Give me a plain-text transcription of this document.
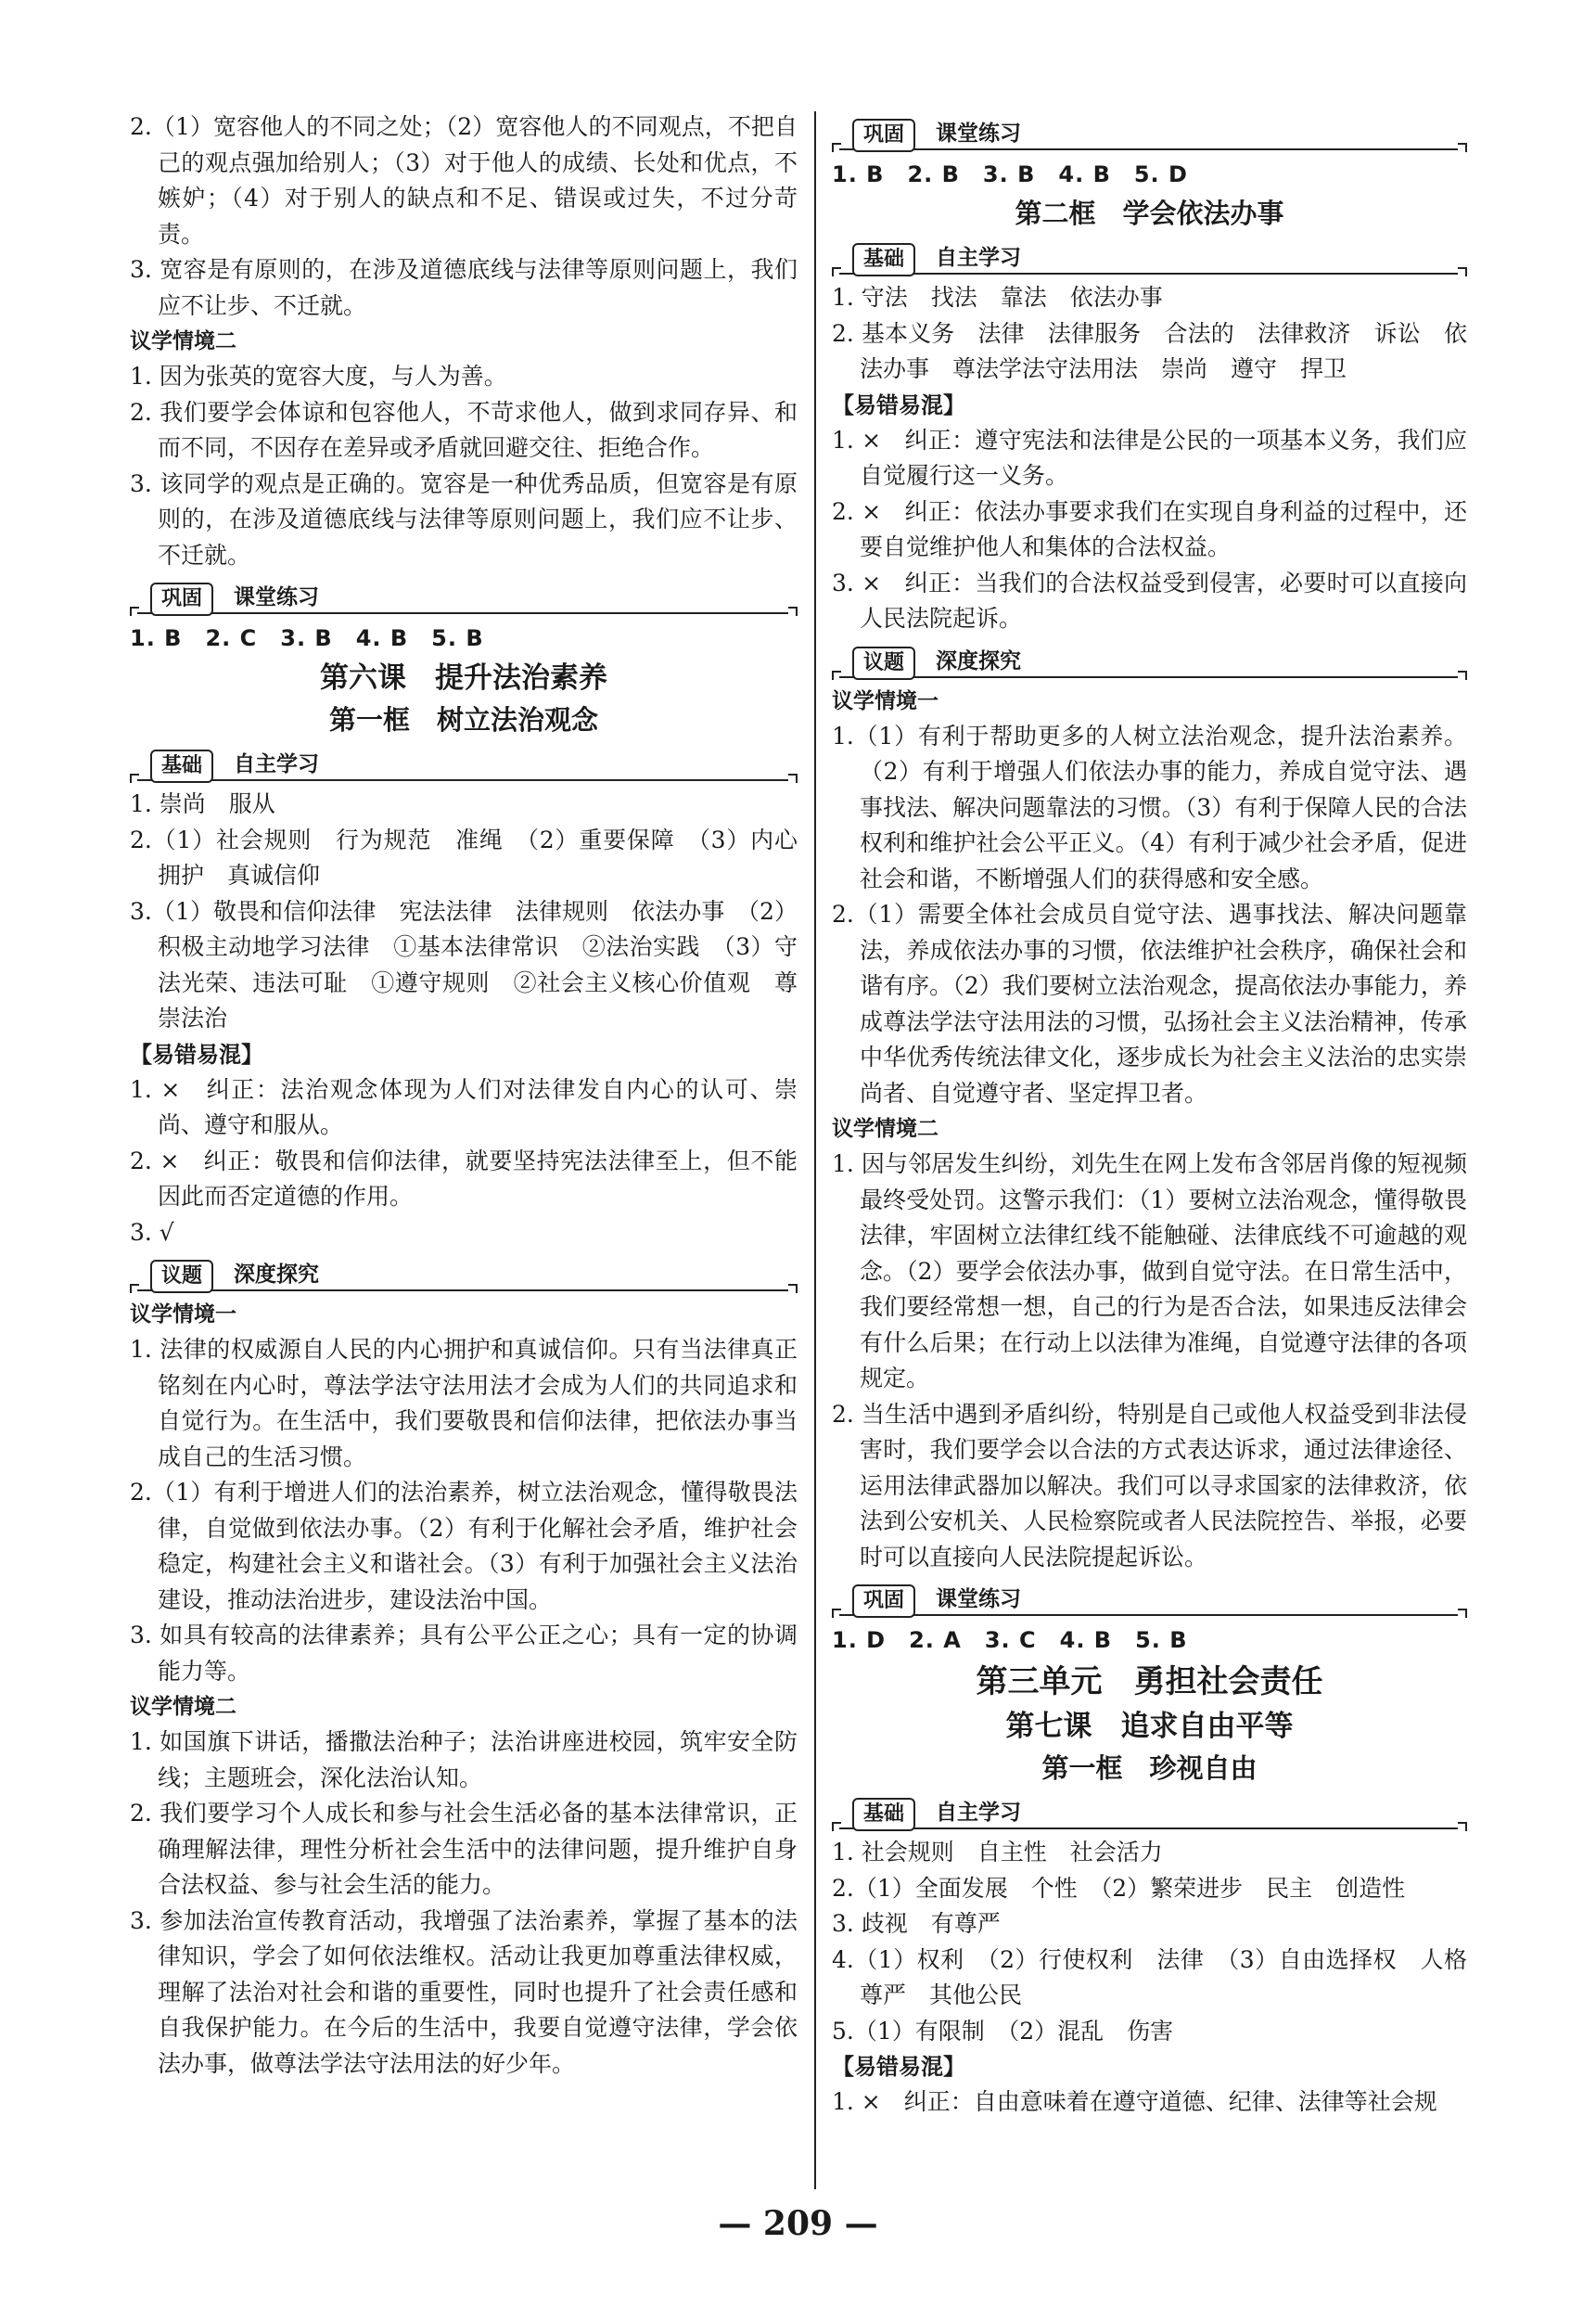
2.（1）宽容他人的不同之处；（2）宽容他人的不同观点，不把自己的观点强加给别人；（3）对于他人的成绩、长处和优点，不嫉妒；（4）对于别人的缺点和不足、错误或过失，不过分苛责。

3. 宽容是有原则的，在涉及道德底线与法律等原则问题上，我们应不让步、不迁就。

议学情境二

1. 因为张英的宽容大度，与人为善。

2. 我们要学会体谅和包容他人，不苛求他人，做到求同存异、和而不同，不因存在差异或矛盾就回避交往、拒绝合作。

3. 该同学的观点是正确的。宽容是一种优秀品质，但宽容是有原则的，在涉及道德底线与法律等原则问题上，我们应不让步、不迁就。

巩固	课堂练习

1. B　2. C　3. B　4. B　5. B

第六课　提升法治素养

第一框　树立法治观念

基础	自主学习

1. 崇尚　服从

2.（1）社会规则　行为规范　准绳　（2）重要保障　（3）内心拥护　真诚信仰

3.（1）敬畏和信仰法律　宪法法律　法律规则　依法办事　（2）积极主动地学习法律　①基本法律常识　②法治实践　（3）守法光荣、违法可耻　①遵守规则　②社会主义核心价值观　尊崇法治

【易错易混】

1. ×　纠正：法治观念体现为人们对法律发自内心的认可、崇尚、遵守和服从。

2. ×　纠正：敬畏和信仰法律，就要坚持宪法法律至上，但不能因此而否定道德的作用。

3. √

议题	深度探究

议学情境一

1. 法律的权威源自人民的内心拥护和真诚信仰。只有当法律真正铭刻在内心时，尊法学法守法用法才会成为人们的共同追求和自觉行为。在生活中，我们要敬畏和信仰法律，把依法办事当成自己的生活习惯。

2.（1）有利于增进人们的法治素养，树立法治观念，懂得敬畏法律，自觉做到依法办事。（2）有利于化解社会矛盾，维护社会稳定，构建社会主义和谐社会。（3）有利于加强社会主义法治建设，推动法治进步，建设法治中国。

3. 如具有较高的法律素养；具有公平公正之心；具有一定的协调能力等。

议学情境二

1. 如国旗下讲话，播撒法治种子；法治讲座进校园，筑牢安全防线；主题班会，深化法治认知。

2. 我们要学习个人成长和参与社会生活必备的基本法律常识，正确理解法律，理性分析社会生活中的法律问题，提升维护自身合法权益、参与社会生活的能力。

3. 参加法治宣传教育活动，我增强了法治素养，掌握了基本的法律知识，学会了如何依法维权。活动让我更加尊重法律权威，理解了法治对社会和谐的重要性，同时也提升了社会责任感和自我保护能力。在今后的生活中，我要自觉遵守法律，学会依法办事，做尊法学法守法用法的好少年。

巩固	课堂练习

1. B　2. B　3. B　4. B　5. D

第二框　学会依法办事

基础	自主学习

1. 守法　找法　靠法　依法办事

2. 基本义务　法律　法律服务　合法的　法律救济　诉讼　依法办事　尊法学法守法用法　崇尚　遵守　捍卫

【易错易混】

1. ×　纠正：遵守宪法和法律是公民的一项基本义务，我们应自觉履行这一义务。

2. ×　纠正：依法办事要求我们在实现自身利益的过程中，还要自觉维护他人和集体的合法权益。

3. ×　纠正：当我们的合法权益受到侵害，必要时可以直接向人民法院起诉。

议题	深度探究

议学情境一

1.（1）有利于帮助更多的人树立法治观念，提升法治素养。（2）有利于增强人们依法办事的能力，养成自觉守法、遇事找法、解决问题靠法的习惯。（3）有利于保障人民的合法权利和维护社会公平正义。（4）有利于减少社会矛盾，促进社会和谐，不断增强人们的获得感和安全感。

2.（1）需要全体社会成员自觉守法、遇事找法、解决问题靠法，养成依法办事的习惯，依法维护社会秩序，确保社会和谐有序。（2）我们要树立法治观念，提高依法办事能力，养成尊法学法守法用法的习惯，弘扬社会主义法治精神，传承中华优秀传统法律文化，逐步成长为社会主义法治的忠实崇尚者、自觉遵守者、坚定捍卫者。

议学情境二

1. 因与邻居发生纠纷，刘先生在网上发布含邻居肖像的短视频最终受处罚。这警示我们：（1）要树立法治观念，懂得敬畏法律，牢固树立法律红线不能触碰、法律底线不可逾越的观念。（2）要学会依法办事，做到自觉守法。在日常生活中，我们要经常想一想，自己的行为是否合法，如果违反法律会有什么后果；在行动上以法律为准绳，自觉遵守法律的各项规定。

2. 当生活中遇到矛盾纠纷，特别是自己或他人权益受到非法侵害时，我们要学会以合法的方式表达诉求，通过法律途径、运用法律武器加以解决。我们可以寻求国家的法律救济，依法到公安机关、人民检察院或者人民法院控告、举报，必要时可以直接向人民法院提起诉讼。

巩固	课堂练习

1. D　2. A　3. C　4. B　5. B

第三单元　勇担社会责任

第七课　追求自由平等

第一框　珍视自由

基础	自主学习

1. 社会规则　自主性　社会活力

2.（1）全面发展　个性　（2）繁荣进步　民主　创造性

3. 歧视　有尊严

4.（1）权利　（2）行使权利　法律　（3）自由选择权　人格尊严　其他公民

5.（1）有限制　（2）混乱　伤害

【易错易混】

1. ×　纠正：自由意味着在遵守道德、纪律、法律等社会规

— 209 —
